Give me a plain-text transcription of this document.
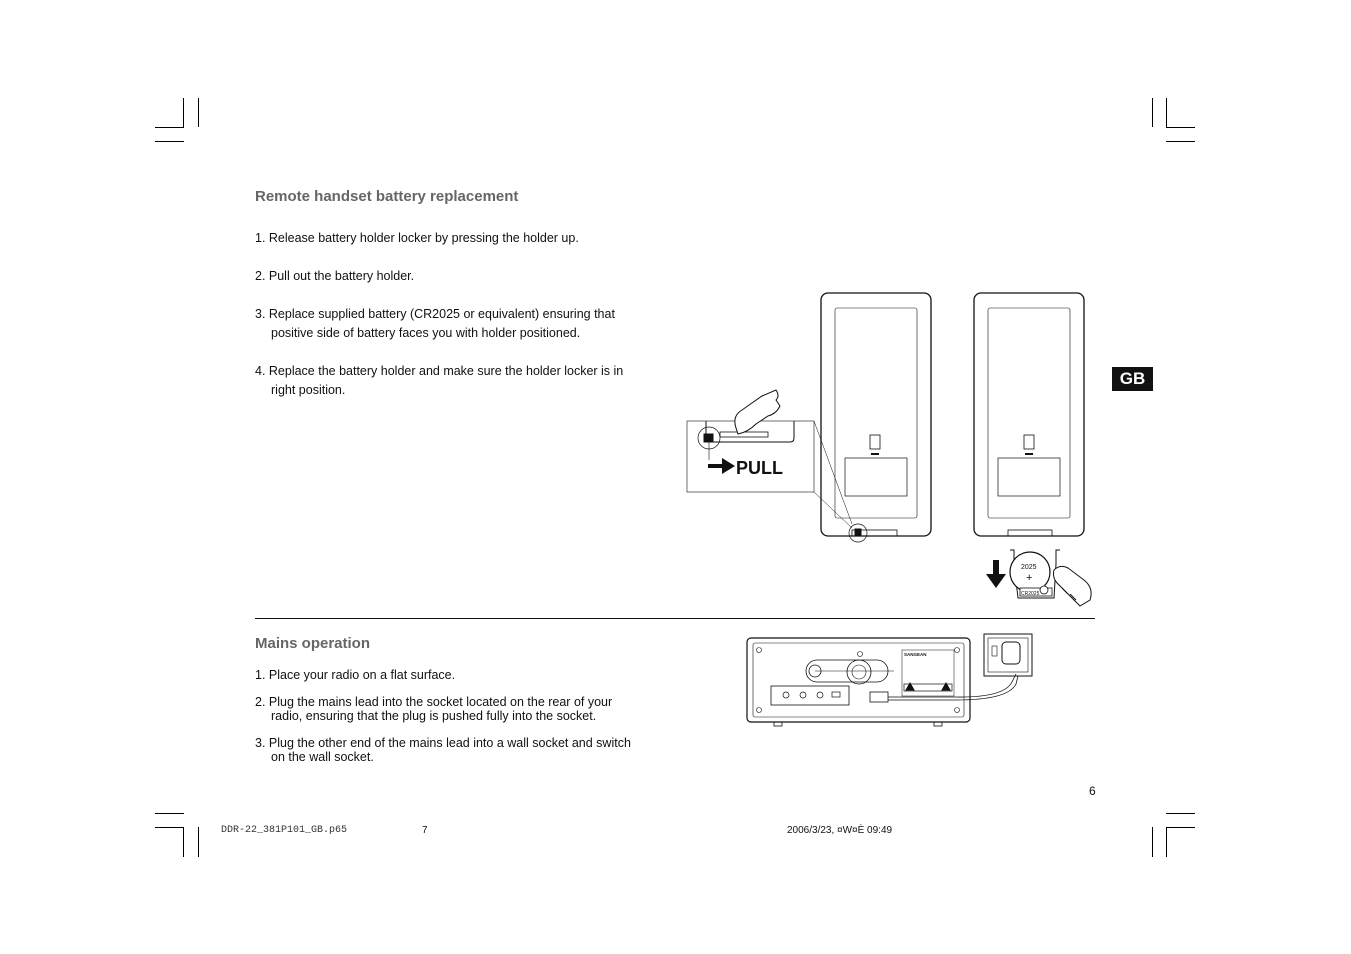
Remote handset battery replacement
1. Release battery holder locker by pressing the holder up.
2. Pull out the battery holder.
3. Replace supplied battery (CR2025 or equivalent) ensuring that
positive side of battery faces you with holder positioned.
4. Replace the battery holder and make sure the holder locker is in
right position.
PULL
2025
+
CR2025
GB
Mains operation
1. Place your radio on a flat surface.
2. Plug the mains lead into the socket located on the rear of your
radio, ensuring that the plug is pushed fully into the socket.
3. Plug the other end of the mains lead into a wall socket and switch
on the wall socket.
SANGEAN
6
DDR-22_381P101_GB.p65	7	2006/3/23, ¤W¤È 09:49
